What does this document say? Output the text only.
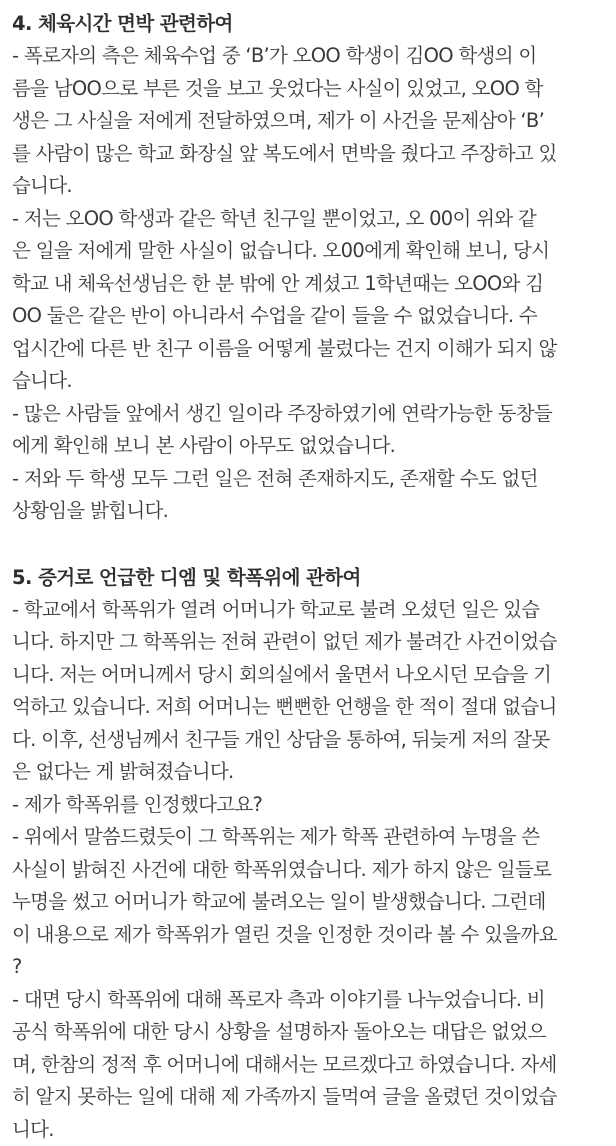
4. 체육시간 면박 관련하여

- 폭로자의 측은 체육수업 중 ‘B’가 오OO 학생이 김OO 학생의 이

름을 남OO으로 부른 것을 보고 웃었다는 사실이 있었고, 오OO 학

생은 그 사실을 저에게 전달하였으며, 제가 이 사건을 문제삼아 ‘B’

를 사람이 많은 학교 화장실 앞 복도에서 면박을 줬다고 주장하고 있

습니다.

- 저는 오OO 학생과 같은 학년 친구일 뿐이었고, 오 00이 위와 같

은 일을 저에게 말한 사실이 없습니다. 오00에게 확인해 보니, 당시

학교 내 체육선생님은 한 분 밖에 안 계셨고 1학년때는 오OO와 김

OO 둘은 같은 반이 아니라서 수업을 같이 들을 수 없었습니다. 수

업시간에 다른 반 친구 이름을 어떻게 불렀다는 건지 이해가 되지 않

습니다.

- 많은 사람들 앞에서 생긴 일이라 주장하였기에 연락가능한 동창들

에게 확인해 보니 본 사람이 아무도 없었습니다.

- 저와 두 학생 모두 그런 일은 전혀 존재하지도, 존재할 수도 없던

상황임을 밝힙니다.

5. 증거로 언급한 디엠 및 학폭위에 관하여

- 학교에서 학폭위가 열려 어머니가 학교로 불려 오셨던 일은 있습

니다. 하지만 그 학폭위는 전혀 관련이 없던 제가 불려간 사건이었습

니다. 저는 어머니께서 당시 회의실에서 울면서 나오시던 모습을 기

억하고 있습니다. 저희 어머니는 뻔뻔한 언행을 한 적이 절대 없습니

다. 이후, 선생님께서 친구들 개인 상담을 통하여, 뒤늦게 저의 잘못

은 없다는 게 밝혀졌습니다.

- 제가 학폭위를 인정했다고요?

- 위에서 말씀드렸듯이 그 학폭위는 제가 학폭 관련하여 누명을 쓴

사실이 밝혀진 사건에 대한 학폭위였습니다. 제가 하지 않은 일들로

누명을 썼고 어머니가 학교에 불려오는 일이 발생했습니다. 그런데

이 내용으로 제가 학폭위가 열린 것을 인정한 것이라 볼 수 있을까요

?

- 대면 당시 학폭위에 대해 폭로자 측과 이야기를 나누었습니다. 비

공식 학폭위에 대한 당시 상황을 설명하자 돌아오는 대답은 없었으

며, 한참의 정적 후 어머니에 대해서는 모르겠다고 하였습니다. 자세

히 알지 못하는 일에 대해 제 가족까지 들먹여 글을 올렸던 것이었습

니다.
